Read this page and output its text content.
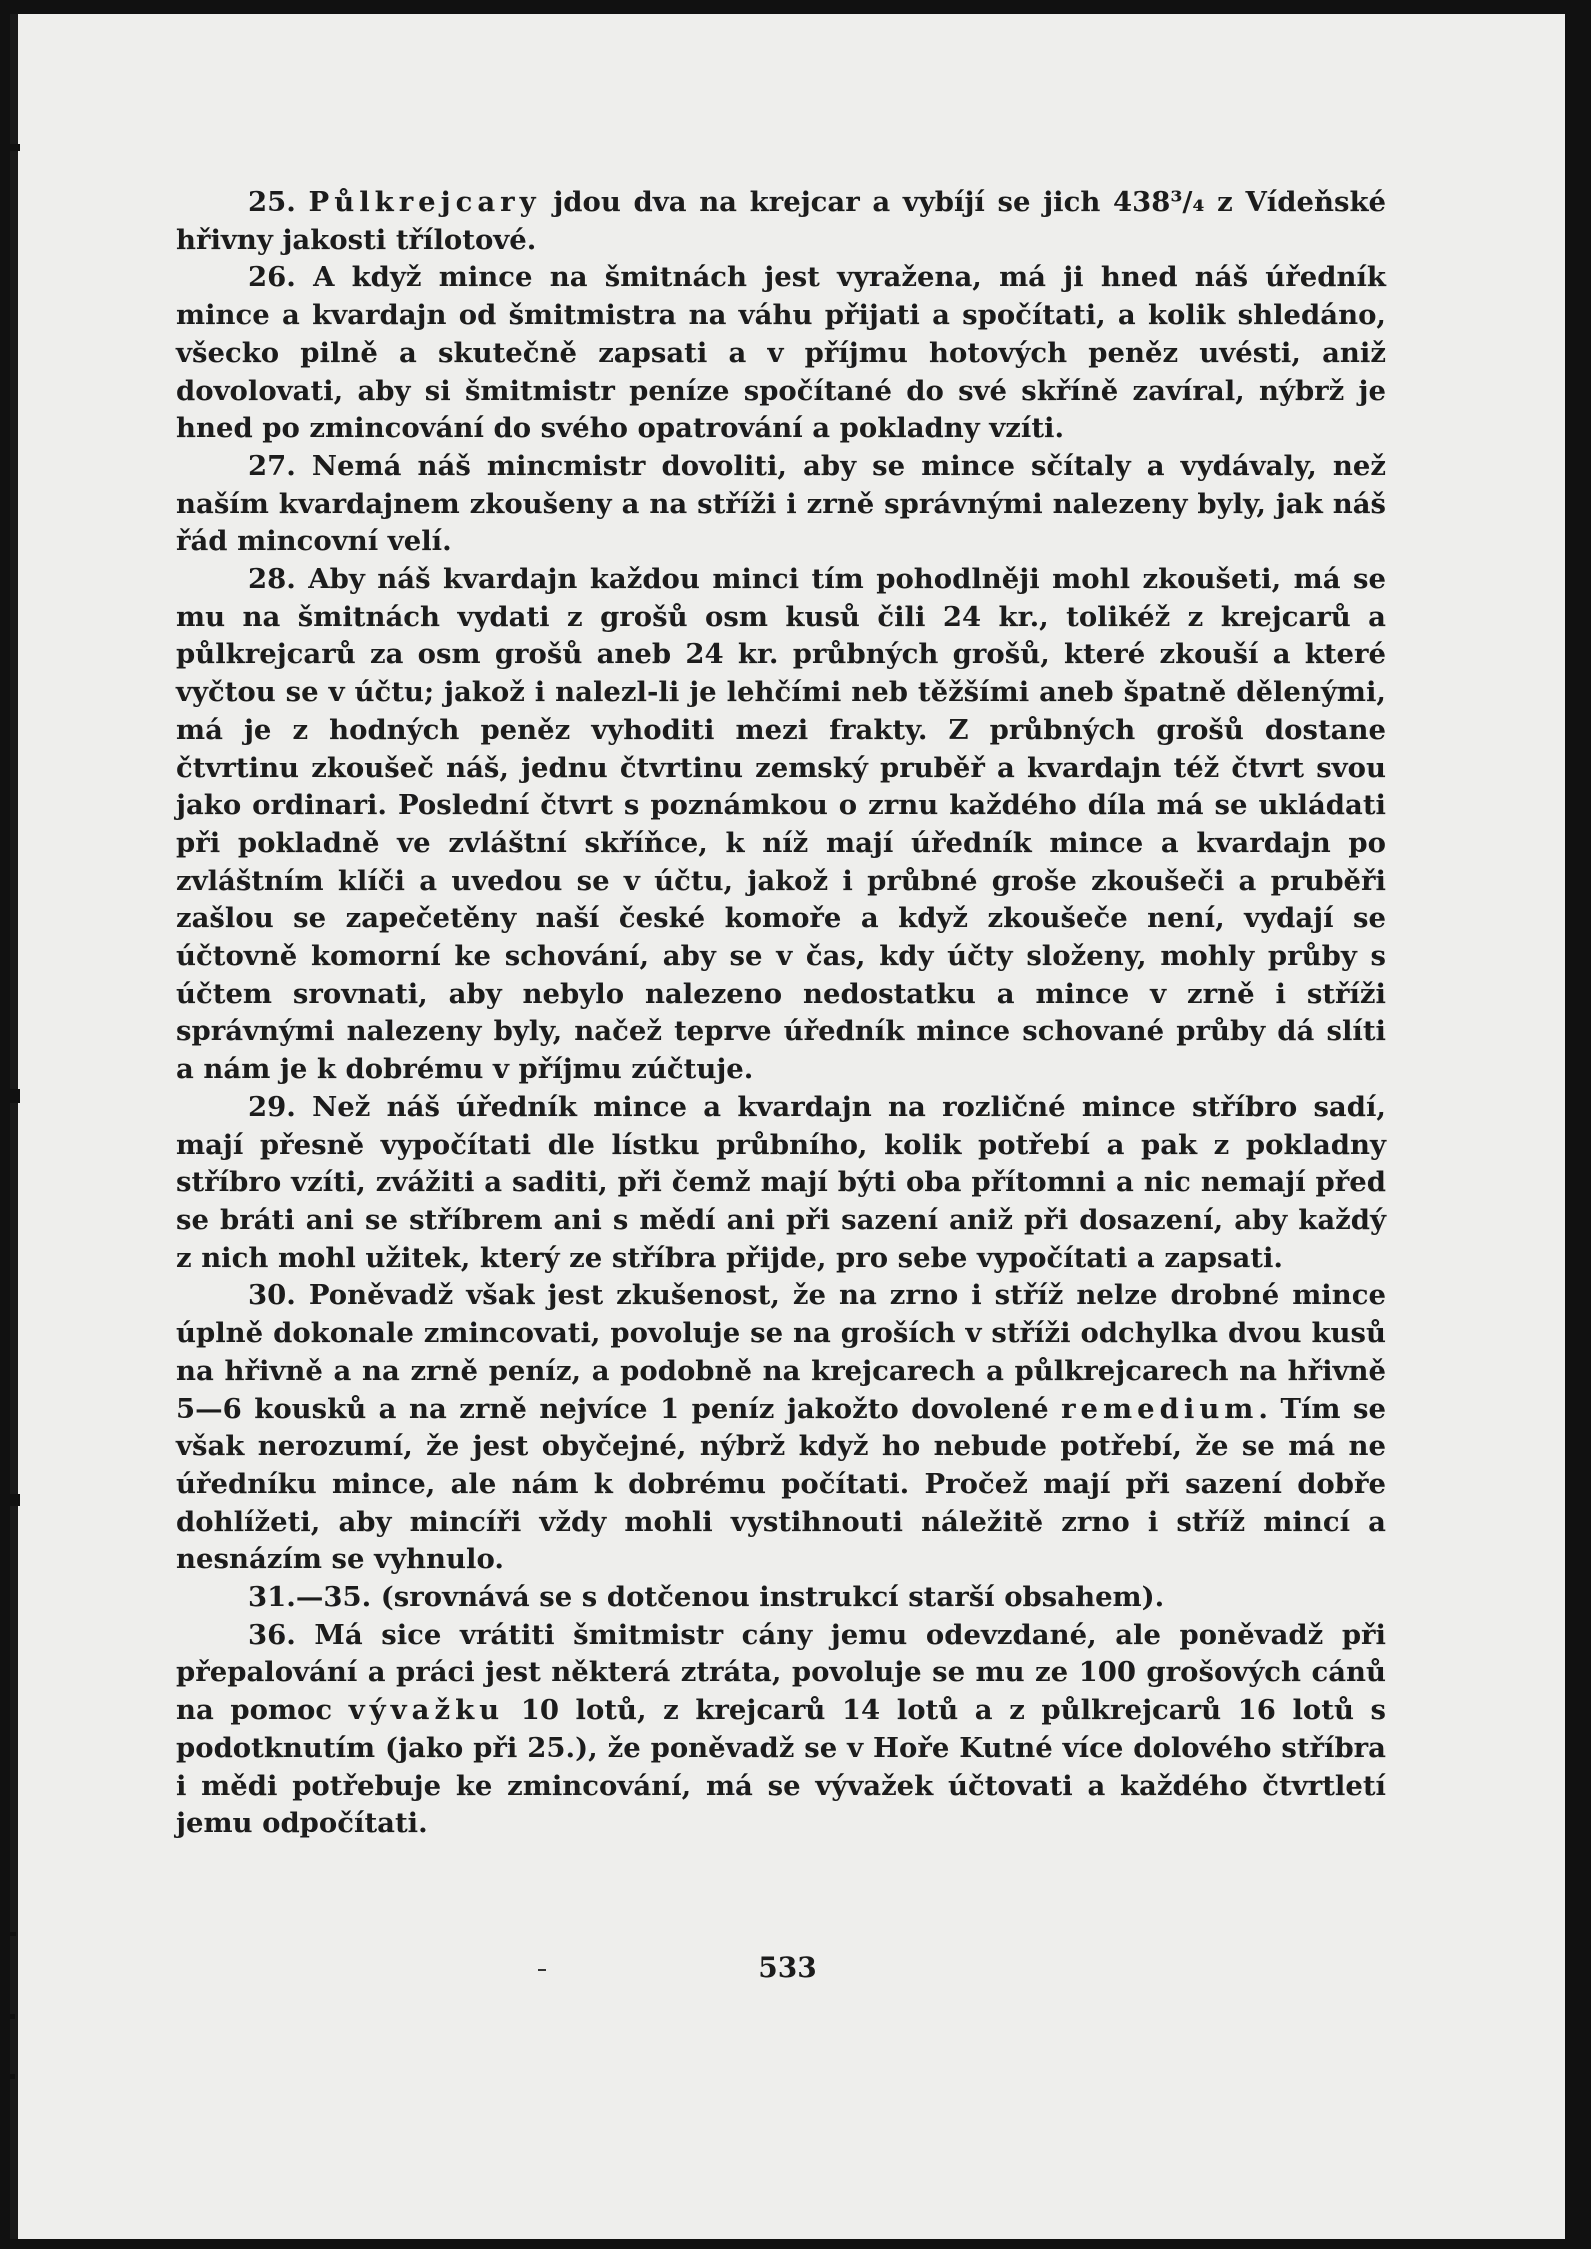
25. Půlkrejcary jdou dva na krejcar a vybíjí se jich 438³/₄ z Vídeňské hřivny jakosti třílotové.

26. A když mince na šmitnách jest vyražena, má ji hned náš úředník mince a kvardajn od šmitmistra na váhu přijati a spočítati, a kolik shledáno, všecko pilně a skutečně zapsati a v příjmu hotových peněz uvésti, aniž dovolovati, aby si šmitmistr peníze spočítané do své skříně zavíral, nýbrž je hned po zmincování do svého opatrování a pokladny vzíti.

27. Nemá náš mincmistr dovoliti, aby se mince sčítaly a vydávaly, než naším kvardajnem zkoušeny a na stříži i zrně správnými nalezeny byly, jak náš řád mincovní velí.

28. Aby náš kvardajn každou minci tím pohodlněji mohl zkoušeti, má se mu na šmitnách vydati z grošů osm kusů čili 24 kr., tolikéž z krejcarů a půlkrejcarů za osm grošů aneb 24 kr. průbných grošů, které zkouší a které vyčtou se v účtu; jakož i nalezl-li je lehčími neb těžšími aneb špatně dělenými, má je z hodných peněz vyhoditi mezi frakty. Z průbných grošů dostane čtvrtinu zkoušeč náš, jednu čtvrtinu zemský pruběř a kvardajn též čtvrt svou jako ordinari. Poslední čtvrt s poznámkou o zrnu každého díla má se ukládati při pokladně ve zvláštní skříňce, k níž mají úředník mince a kvardajn po zvláštním klíči a uvedou se v účtu, jakož i průbné groše zkoušeči a pruběři zašlou se zapečetěny naší české komoře a když zkoušeče není, vydají se účtovně komorní ke schování, aby se v čas, kdy účty složeny, mohly průby s účtem srovnati, aby nebylo nalezeno nedostatku a mince v zrně i stříži správnými nalezeny byly, načež teprve úředník mince schované průby dá slíti a nám je k dobrému v příjmu zúčtuje.

29. Než náš úředník mince a kvardajn na rozličné mince stříbro sadí, mají přesně vypočítati dle lístku průbního, kolik potřebí a pak z pokladny stříbro vzíti, zvážiti a saditi, při čemž mají býti oba přítomni a nic nemají před se bráti ani se stříbrem ani s mědí ani při sazení aniž při dosazení, aby každý z nich mohl užitek, který ze stříbra přijde, pro sebe vypočítati a zapsati.

30. Poněvadž však jest zkušenost, že na zrno i stříž nelze drobné mince úplně dokonale zmincovati, povoluje se na groších v stříži odchylka dvou kusů na hřivně a na zrně peníz, a podobně na krejcarech a půlkrejcarech na hřivně 5—6 kousků a na zrně nejvíce 1 peníz jakožto dovolené remedium. Tím se však nerozumí, že jest obyčejné, nýbrž když ho nebude potřebí, že se má ne úředníku mince, ale nám k dobrému počítati. Pročež mají při sazení dobře dohlížeti, aby mincíři vždy mohli vystihnouti náležitě zrno i stříž mincí a nesnázím se vyhnulo.

31.—35. (srovnává se s dotčenou instrukcí starší obsahem).

36. Má sice vrátiti šmitmistr cány jemu odevzdané, ale poněvadž při přepalování a práci jest některá ztráta, povoluje se mu ze 100 grošových cánů na pomoc vývažku 10 lotů, z krejcarů 14 lotů a z půlkrejcarů 16 lotů s podotknutím (jako při 25.), že poněvadž se v Hoře Kutné více dolového stříbra i mědi potřebuje ke zmincování, má se vývažek účtovati a každého čtvrtletí jemu odpočítati.

533
